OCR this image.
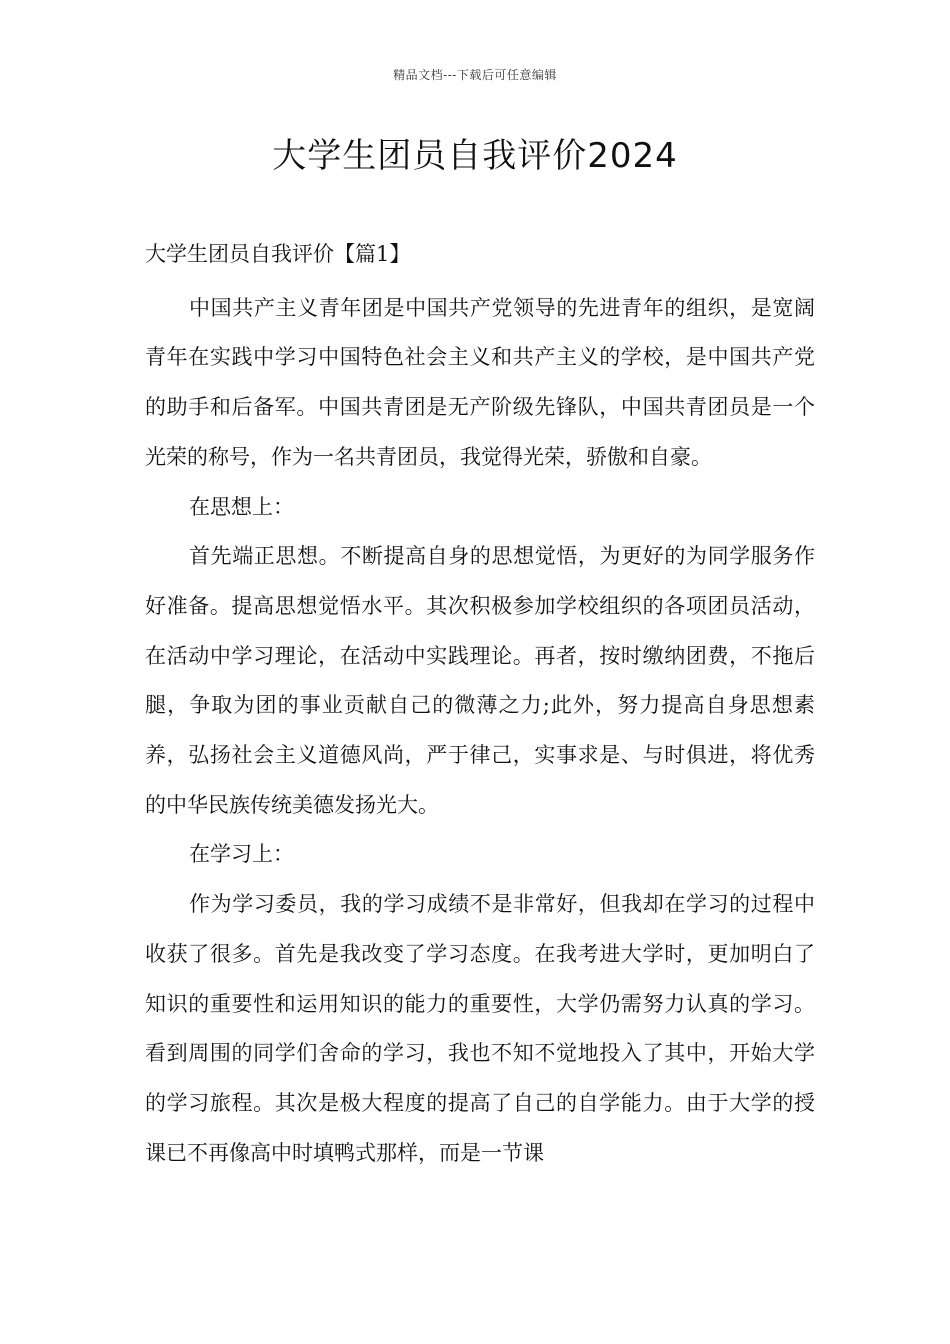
精品文档---下载后可任意编辑
大学生团员自我评价2024

大学生团员自我评价【篇1】

中国共产主义青年团是中国共产党领导的先进青年的组织，是宽阔青年在实践中学习中国特色社会主义和共产主义的学校，是中国共产党的助手和后备军。中国共青团是无产阶级先锋队，中国共青团员是一个光荣的称号，作为一名共青团员，我觉得光荣，骄傲和自豪。

在思想上：

首先端正思想。不断提高自身的思想觉悟，为更好的为同学服务作好准备。提高思想觉悟水平。其次积极参加学校组织的各项团员活动，在活动中学习理论，在活动中实践理论。再者，按时缴纳团费，不拖后腿，争取为团的事业贡献自己的微薄之力;此外，努力提高自身思想素养，弘扬社会主义道德风尚，严于律己，实事求是、与时俱进，将优秀的中华民族传统美德发扬光大。

在学习上：

作为学习委员，我的学习成绩不是非常好，但我却在学习的过程中收获了很多。首先是我改变了学习态度。在我考进大学时，更加明白了知识的重要性和运用知识的能力的重要性，大学仍需努力认真的学习。看到周围的同学们舍命的学习，我也不知不觉地投入了其中，开始大学的学习旅程。其次是极大程度的提高了自己的自学能力。由于大学的授课已不再像高中时填鸭式那样，而是一节课
